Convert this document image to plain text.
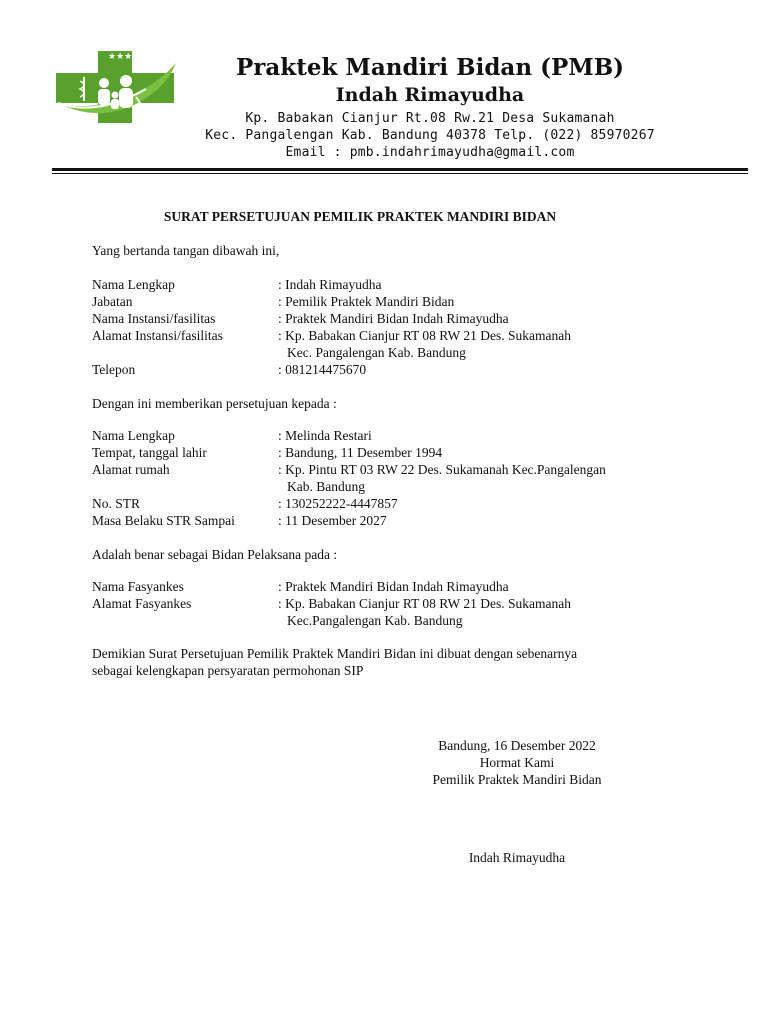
★★★	Praktek Mandiri Bidan (PMB)
Indah Rimayudha
Kp. Babakan Cianjur Rt.08 Rw.21 Desa Sukamanah
Kec. Pangalengan Kab. Bandung 40378 Telp. (022) 85970267
Email : pmb.indahrimayudha@gmail.com
SURAT PERSETUJUAN PEMILIK PRAKTEK MANDIRI BIDAN
Yang bertanda tangan dibawah ini,
Nama Lengkap	: Indah Rimayudha
Jabatan	: Pemilik Praktek Mandiri Bidan
Nama Instansi/fasilitas	: Praktek Mandiri Bidan Indah Rimayudha
Alamat Instansi/fasilitas	: Kp. Babakan Cianjur RT 08 RW 21 Des. Sukamanah
Kec. Pangalengan Kab. Bandung
Telepon	: 081214475670
Dengan ini memberikan persetujuan kepada :
Nama Lengkap	: Melinda Restari
Tempat, tanggal lahir	: Bandung, 11 Desember 1994
Alamat rumah	: Kp. Pintu RT 03 RW 22 Des. Sukamanah Kec.Pangalengan
Kab. Bandung
No. STR	: 130252222-4447857
Masa Belaku STR Sampai	: 11 Desember 2027
Adalah benar sebagai Bidan Pelaksana pada :
Nama Fasyankes	: Praktek Mandiri Bidan Indah Rimayudha
Alamat Fasyankes	: Kp. Babakan Cianjur RT 08 RW 21 Des. Sukamanah
Kec.Pangalengan Kab. Bandung
Demikian Surat Persetujuan Pemilik Praktek Mandiri Bidan ini dibuat dengan sebenarnya
sebagai kelengkapan persyaratan permohonan SIP
Bandung, 16 Desember 2022
Hormat Kami
Pemilik Praktek Mandiri Bidan
Indah Rimayudha
